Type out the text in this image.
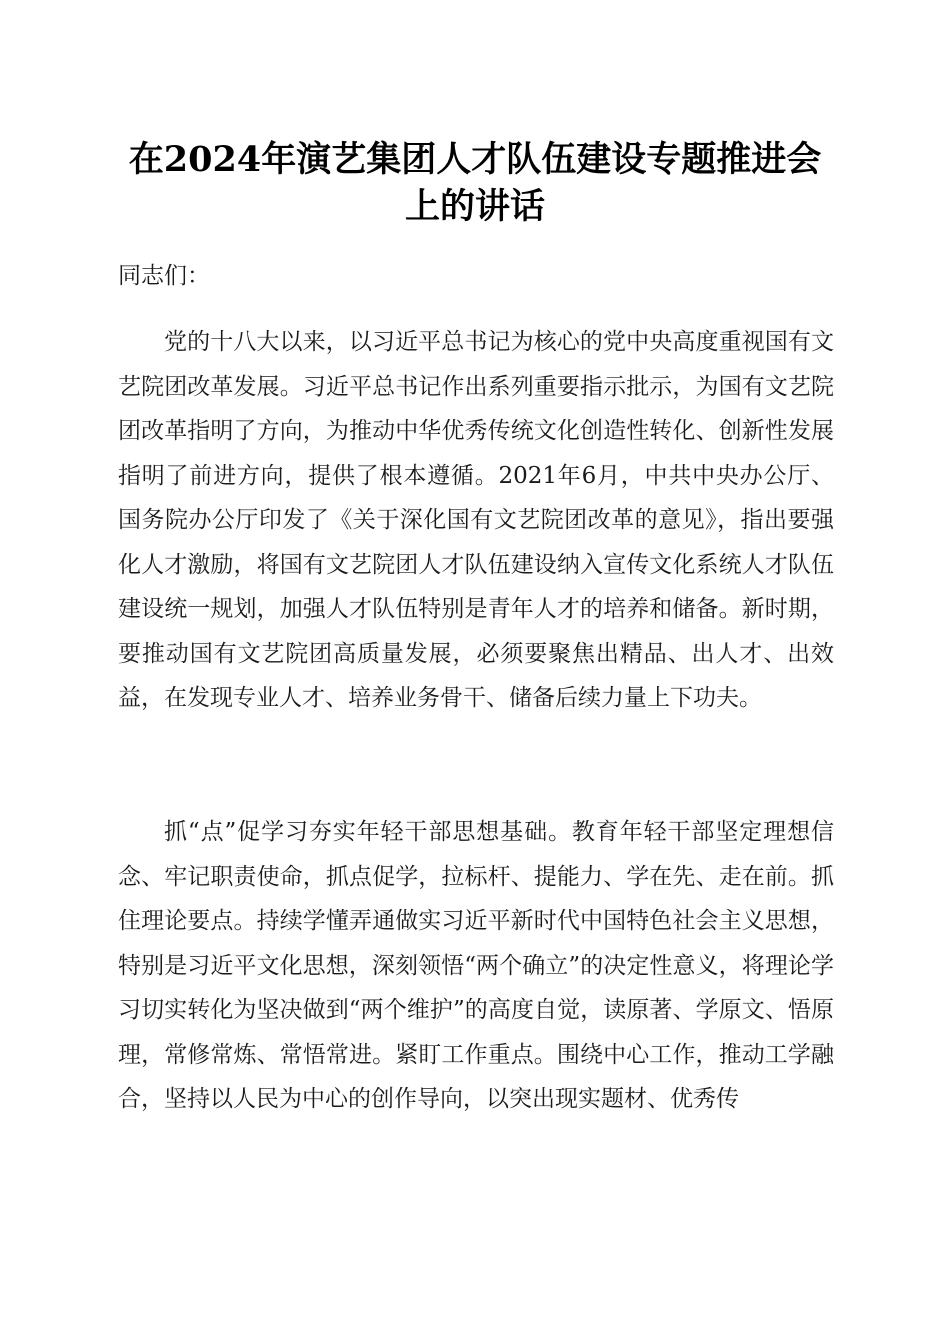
在2024年演艺集团人才队伍建设专题推进会
上的讲话
同志们：
党的十八大以来，以习近平总书记为核心的党中央高度重视国有文艺院团改革发展。习近平总书记作出系列重要指示批示，为国有文艺院团改革指明了方向，为推动中华优秀传统文化创造性转化、创新性发展指明了前进方向，提供了根本遵循。2021年6月，中共中央办公厅、国务院办公厅印发了《关于深化国有文艺院团改革的意见》，指出要强化人才激励，将国有文艺院团人才队伍建设纳入宣传文化系统人才队伍建设统一规划，加强人才队伍特别是青年人才的培养和储备。新时期，要推动国有文艺院团高质量发展，必须要聚焦出精品、出人才、出效益，在发现专业人才、培养业务骨干、储备后续力量上下功夫。
抓“点”促学习夯实年轻干部思想基础。教育年轻干部坚定理想信念、牢记职责使命，抓点促学，拉标杆、提能力、学在先、走在前。抓住理论要点。持续学懂弄通做实习近平新时代中国特色社会主义思想，特别是习近平文化思想，深刻领悟“两个确立”的决定性意义，将理论学习切实转化为坚决做到“两个维护”的高度自觉，读原著、学原文、悟原理，常修常炼、常悟常进。紧盯工作重点。围绕中心工作，推动工学融合，坚持以人民为中心的创作导向，以突出现实题材、优秀传
